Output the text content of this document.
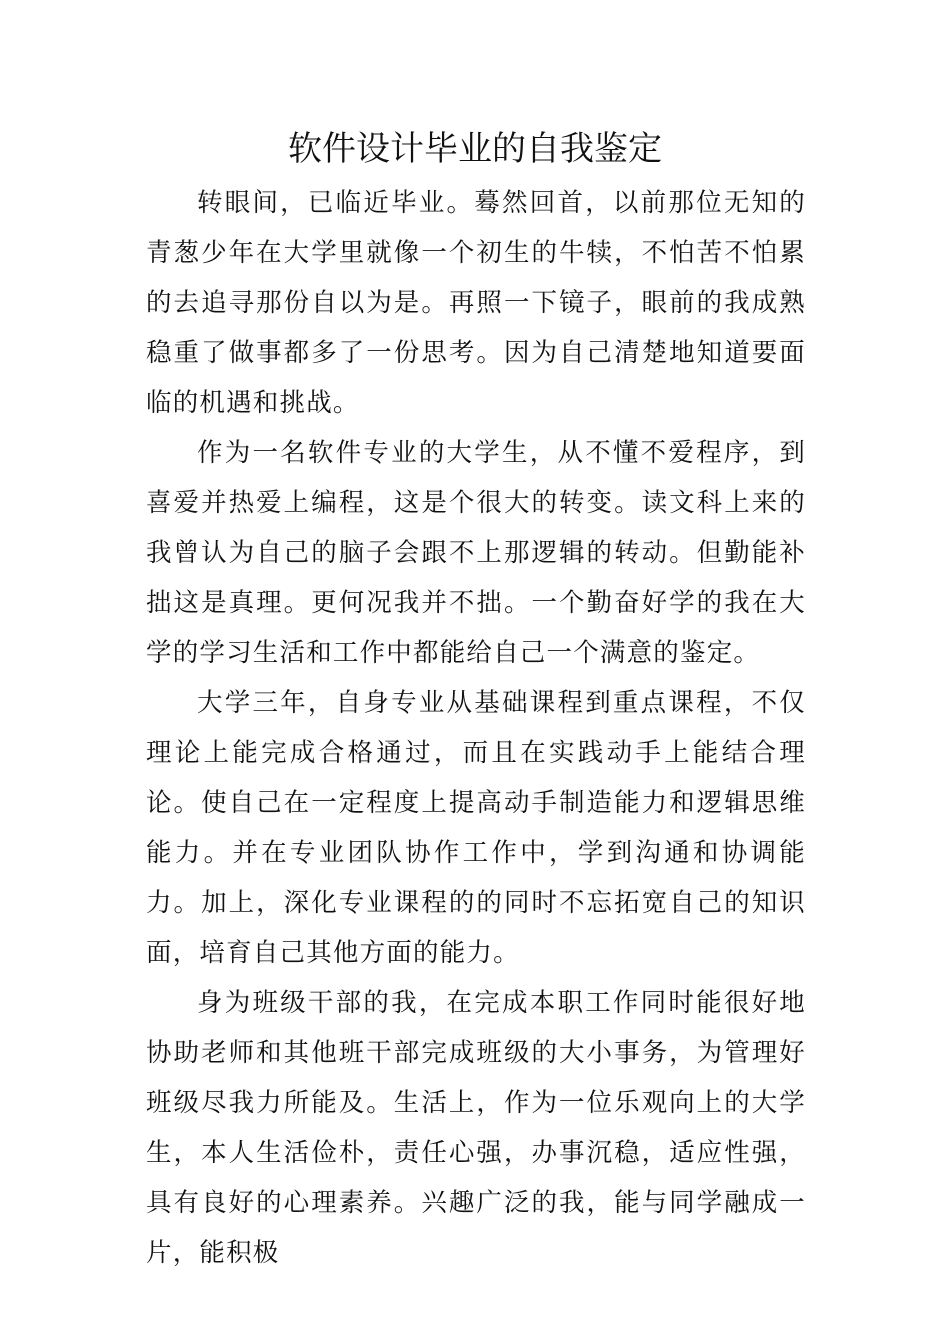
软件设计毕业的自我鉴定

转眼间，已临近毕业。蓦然回首，以前那位无知的青葱少年在大学里就像一个初生的牛犊，不怕苦不怕累的去追寻那份自以为是。再照一下镜子，眼前的我成熟稳重了做事都多了一份思考。因为自己清楚地知道要面临的机遇和挑战。

作为一名软件专业的大学生，从不懂不爱程序，到喜爱并热爱上编程，这是个很大的转变。读文科上来的我曾认为自己的脑子会跟不上那逻辑的转动。但勤能补拙这是真理。更何况我并不拙。一个勤奋好学的我在大学的学习生活和工作中都能给自己一个满意的鉴定。

大学三年，自身专业从基础课程到重点课程，不仅理论上能完成合格通过，而且在实践动手上能结合理论。使自己在一定程度上提高动手制造能力和逻辑思维能力。并在专业团队协作工作中，学到沟通和协调能力。加上，深化专业课程的的同时不忘拓宽自己的知识面，培育自己其他方面的能力。

身为班级干部的我，在完成本职工作同时能很好地协助老师和其他班干部完成班级的大小事务，为管理好班级尽我力所能及。生活上，作为一位乐观向上的大学生，本人生活俭朴，责任心强，办事沉稳，适应性强，具有良好的心理素养。兴趣广泛的我，能与同学融成一片，能积极
